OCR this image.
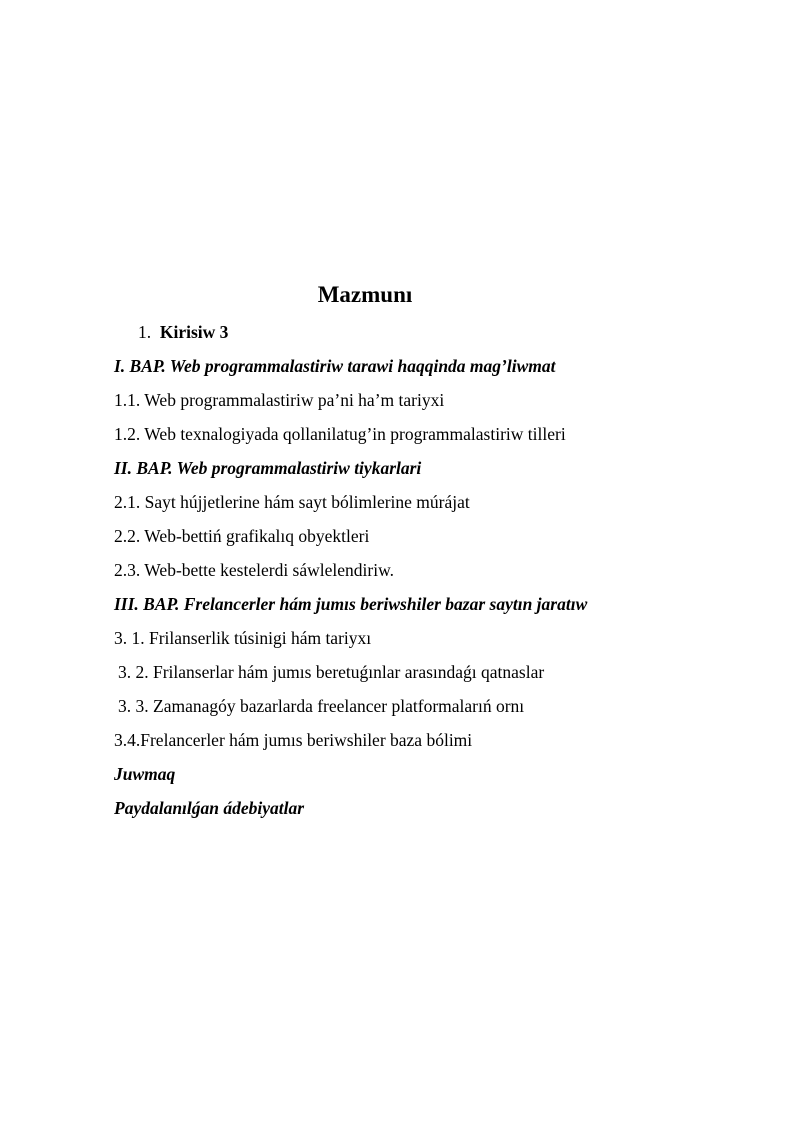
Mazmunı
1. Kirisiw 3
I. BAP. Web programmalastiriw tarawi haqqinda mag’liwmat
1.1. Web programmalastiriw pa’ni ha’m tariyxi
1.2. Web texnalogiyada qollanilatug’in programmalastiriw tilleri
II. BAP. Web programmalastiriw tiykarlari
2.1. Sayt hújjetlerine hám sayt bólimlerine múrájat
2.2. Web-bettiń grafikalıq obyektleri
2.3. Web-bette kestelerdi sáwlelendiriw.
III. BAP. Frelancerler hám jumıs beriwshiler bazar saytın jaratıw
3. 1. Frilanserlik túsinigi hám tariyxı
3. 2. Frilanserlar hám jumıs beretuǵınlar arasındaǵı qatnaslar
3. 3. Zamanagóy bazarlarda freelancer platformalarıń ornı
3.4.Frelancerler hám jumıs beriwshiler baza bólimi
Juwmaq
Paydalanılǵan ádebiyatlar
